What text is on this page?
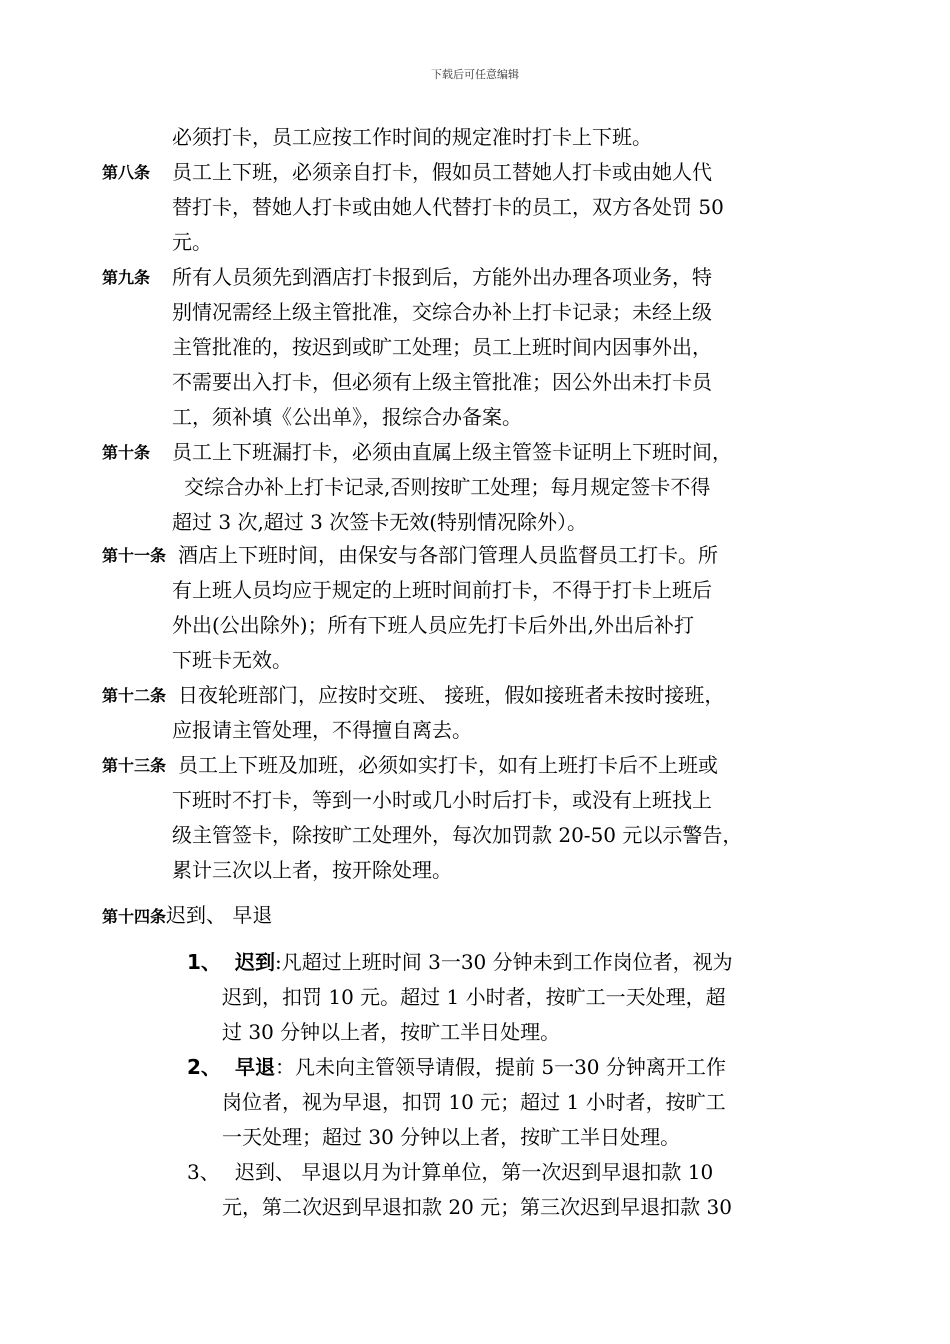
下载后可任意编辑
必须打卡，员工应按工作时间的规定准时打卡上下班。
第八条 员工上下班，必须亲自打卡，假如员工替她人打卡或由她人代
替打卡，替她人打卡或由她人代替打卡的员工，双方各处罚 50
元。
第九条 所有人员须先到酒店打卡报到后，方能外出办理各项业务，特
别情况需经上级主管批准，交综合办补上打卡记录；未经上级
主管批准的，按迟到或旷工处理；员工上班时间内因事外出，
不需要出入打卡，但必须有上级主管批准；因公外出未打卡员
工，须补填《公出单》，报综合办备案。
第十条 员工上下班漏打卡，必须由直属上级主管签卡证明上下班时间，
交综合办补上打卡记录,否则按旷工处理；每月规定签卡不得
超过 3 次,超过 3 次签卡无效(特别情况除外）。
第十一条 酒店上下班时间，由保安与各部门管理人员监督员工打卡。所
有上班人员均应于规定的上班时间前打卡，不得于打卡上班后
外出(公出除外)；所有下班人员应先打卡后外出,外出后补打
下班卡无效。
第十二条 日夜轮班部门，应按时交班、 接班，假如接班者未按时接班，
应报请主管处理，不得擅自离去。
第十三条 员工上下班及加班，必须如实打卡，如有上班打卡后不上班或
下班时不打卡，等到一小时或几小时后打卡，或没有上班找上
级主管签卡，除按旷工处理外，每次加罚款 20-50 元以示警告，
累计三次以上者，按开除处理。
第十四条迟到、 早退
1、 迟到:凡超过上班时间 3一30 分钟未到工作岗位者，视为
迟到，扣罚 10 元。超过 1 小时者，按旷工一天处理，超
过 30 分钟以上者，按旷工半日处理。
2、 早退：凡未向主管领导请假，提前 5一30 分钟离开工作
岗位者，视为早退，扣罚 10 元；超过 1 小时者，按旷工
一天处理；超过 30 分钟以上者，按旷工半日处理。
3、 迟到、 早退以月为计算单位，第一次迟到早退扣款 10
元，第二次迟到早退扣款 20 元；第三次迟到早退扣款 30
